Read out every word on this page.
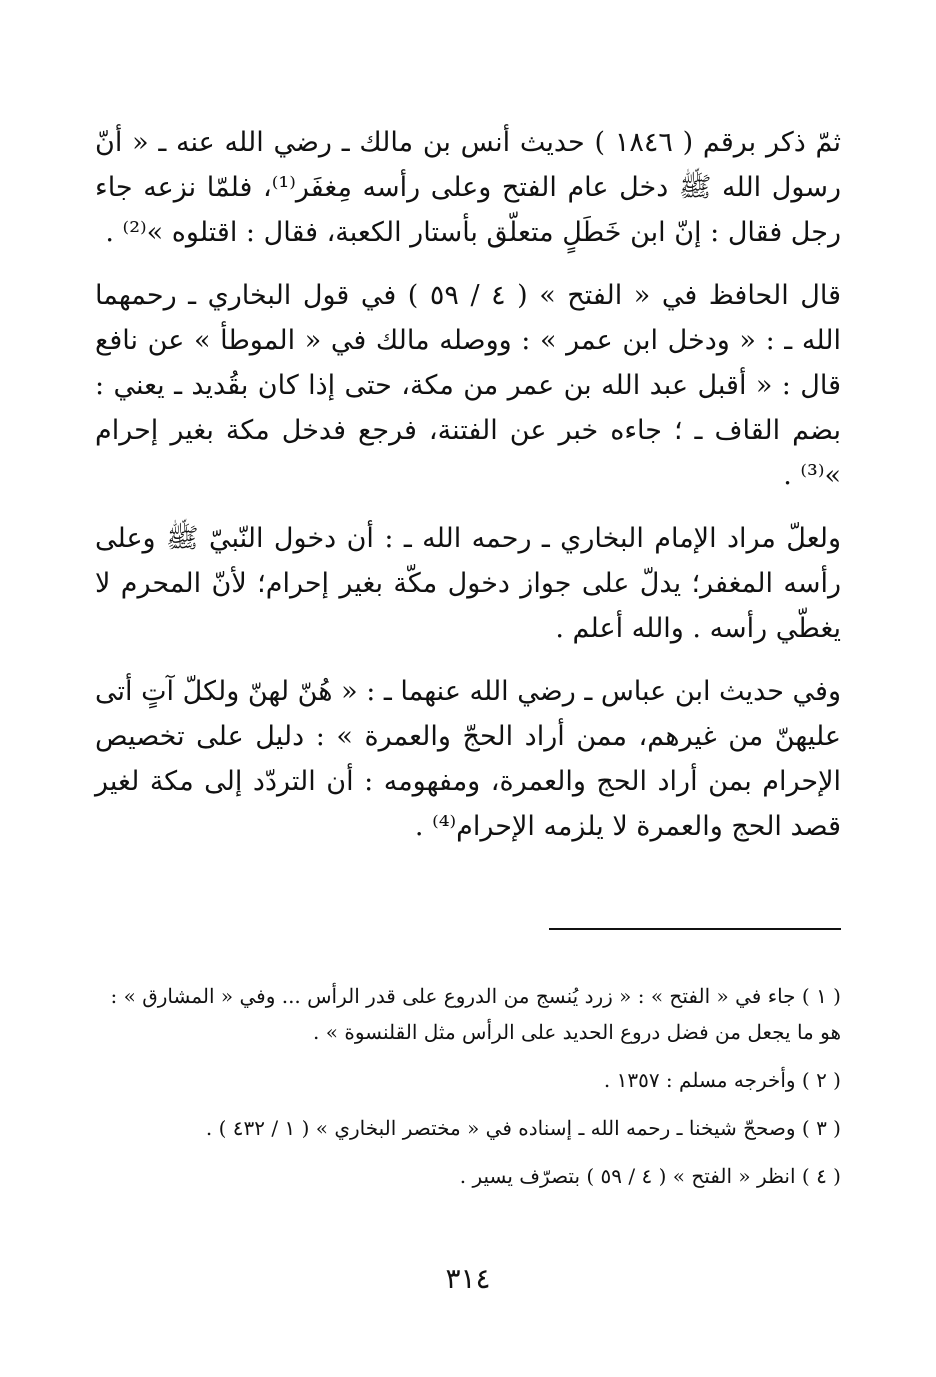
ثمّ ذكر برقم ( ١٨٤٦ ) حديث أنس بن مالك ـ رضي الله عنه ـ « أنّ رسول الله ﷺ دخل عام الفتح وعلى رأسه مِغفَر⁽¹⁾، فلمّا نزعه جاء رجل فقال : إنّ ابن خَطَلٍ متعلّق بأستار الكعبة، فقال : اقتلوه »⁽²⁾ .

قال الحافظ في « الفتح » ( ٤ / ٥٩ ) في قول البخاري ـ رحمهما الله ـ : « ودخل ابن عمر » : ووصله مالك في « الموطأ » عن نافع قال : « أقبل عبد الله بن عمر من مكة، حتى إذا كان بقُديد ـ يعني : بضم القاف ـ ؛ جاءه خبر عن الفتنة، فرجع فدخل مكة بغير إحرام »⁽³⁾ .

ولعلّ مراد الإمام البخاري ـ رحمه الله ـ : أن دخول النّبيّ ﷺ وعلى رأسه المغفر؛ يدلّ على جواز دخول مكّة بغير إحرام؛ لأنّ المحرم لا يغطّي رأسه . والله أعلم .

وفي حديث ابن عباس ـ رضي الله عنهما ـ : « هُنّ لهنّ ولكلّ آتٍ أتى عليهنّ من غيرهم، ممن أراد الحجّ والعمرة » : دليل على تخصيص الإحرام بمن أراد الحج والعمرة، ومفهومه : أن التردّد إلى مكة لغير قصد الحج والعمرة لا يلزمه الإحرام⁽⁴⁾ .

( ١ ) جاء في « الفتح » : « زرد يُنسج من الدروع على قدر الرأس ... وفي « المشارق » : هو ما يجعل من فضل دروع الحديد على الرأس مثل القلنسوة » .

( ٢ ) وأخرجه مسلم : ١٣٥٧ .

( ٣ ) وصححّ شيخنا ـ رحمه الله ـ إسناده في « مختصر البخاري » ( ١ / ٤٣٢ ) .

( ٤ ) انظر « الفتح » ( ٤ / ٥٩ ) بتصرّف يسير .

٣١٤
